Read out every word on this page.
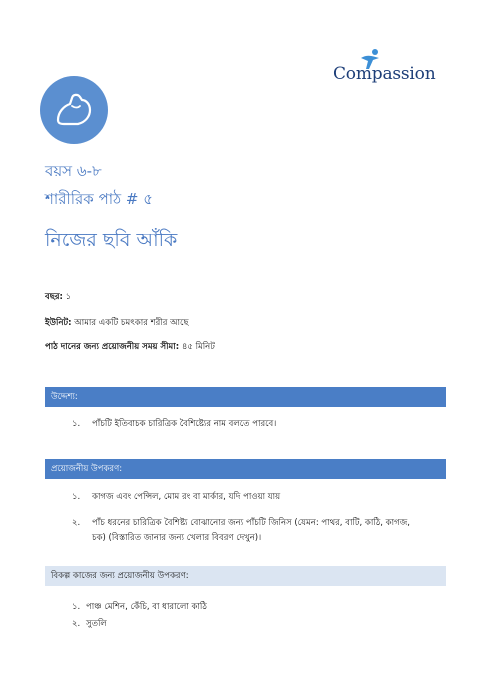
Compassion
বয়স ৬-৮
শারীরিক পাঠ # ৫
নিজের ছবি আঁকি
বছর: ১
ইউনিট: আমার একটি চমৎকার শরীর আছে
পাঠ দানের জন্য প্রয়োজনীয় সময় সীমা: ৪৫ মিনিট
উদ্দেশ্য:
১. পাঁচটি ইতিবাচক চারিত্রিক বৈশিষ্ট্যের নাম বলতে পারবে।
প্রয়োজনীয় উপকরণ:
১. কাগজ এবং পেন্সিল, মোম রং বা মার্কার, যদি পাওয়া যায়
২. পাঁচ ধরনের চারিত্রিক বৈশিষ্ট্য বোঝানোর জন্য পাঁচটি জিনিস (যেমন: পাথর, বাটি, কাঠি, কাগজ, চক) (বিস্তারিত জানার জন্য খেলার বিবরণ দেখুন)।
বিকল্প কাজের জন্য প্রয়োজনীয় উপকরণ:
১. পাঞ্চ মেশিন, কেঁচি, বা ধারালো কাঠি
২. সুতলি
